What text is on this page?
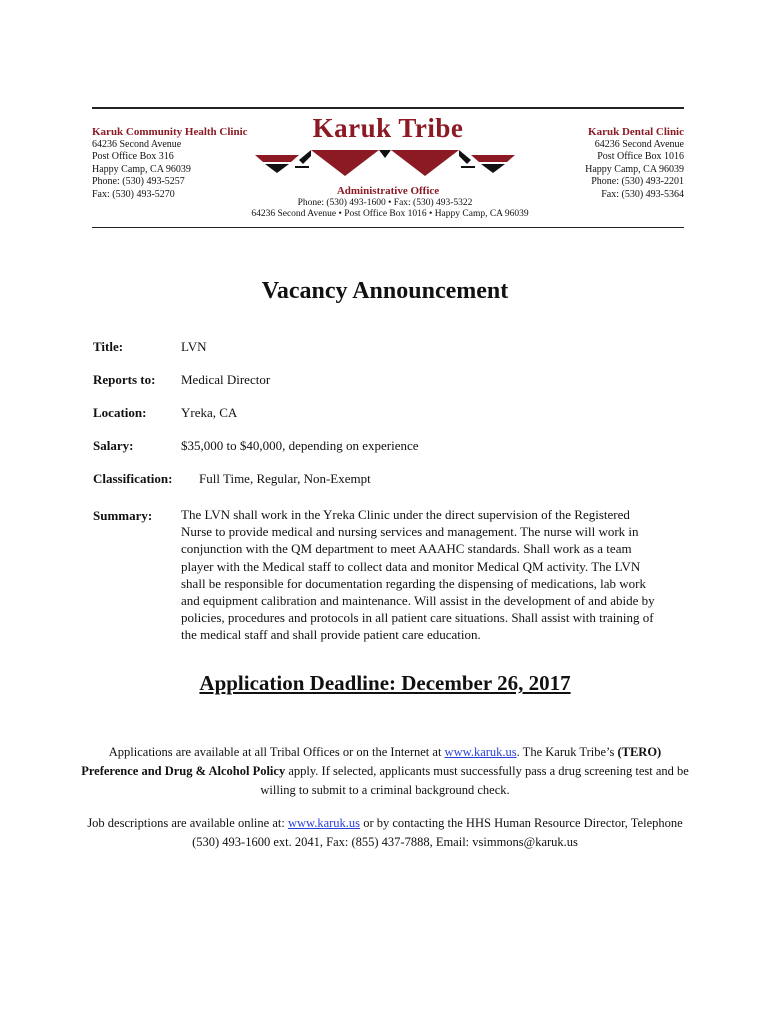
Karuk Community Health Clinic
64236 Second Avenue
Post Office Box 316
Happy Camp, CA 96039
Phone: (530) 493-5257
Fax: (530) 493-5270
Karuk Tribe
Administrative Office
Karuk Dental Clinic
64236 Second Avenue
Post Office Box 1016
Happy Camp, CA 96039
Phone: (530) 493-2201
Fax: (530) 493-5364
Phone: (530) 493-1600 • Fax: (530) 493-5322
64236 Second Avenue • Post Office Box 1016 • Happy Camp, CA 96039
Vacancy Announcement
Title:	LVN
Reports to: Medical Director
Location:	Yreka, CA
Salary:	$35,000 to $40,000, depending on experience
Classification: Full Time, Regular, Non-Exempt
Summary: The LVN shall work in the Yreka Clinic under the direct supervision of the Registered Nurse to provide medical and nursing services and management. The nurse will work in conjunction with the QM department to meet AAAHC standards. Shall work as a team player with the Medical staff to collect data and monitor Medical QM activity. The LVN shall be responsible for documentation regarding the dispensing of medications, lab work and equipment calibration and maintenance. Will assist in the development of and abide by policies, procedures and protocols in all patient care situations. Shall assist with training of the medical staff and shall provide patient care education.
Application Deadline: December 26, 2017
Applications are available at all Tribal Offices or on the Internet at www.karuk.us. The Karuk Tribe’s (TERO) Preference and Drug & Alcohol Policy apply. If selected, applicants must successfully pass a drug screening test and be willing to submit to a criminal background check.
Job descriptions are available online at: www.karuk.us or by contacting the HHS Human Resource Director, Telephone (530) 493-1600 ext. 2041, Fax: (855) 437-7888, Email: vsimmons@karuk.us
